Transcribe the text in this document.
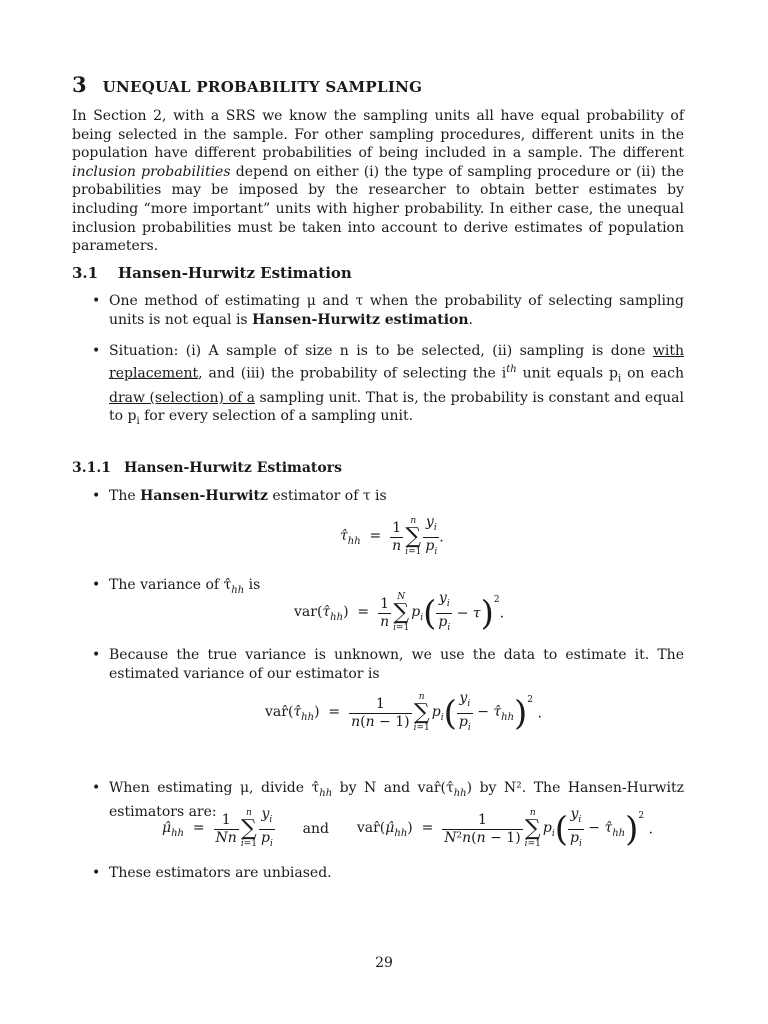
3 UNEQUAL PROBABILITY SAMPLING
In Section 2, with a SRS we know the sampling units all have equal probability of being selected in the sample. For other sampling procedures, different units in the population have different probabilities of being included in a sample. The different inclusion probabilities depend on either (i) the type of sampling procedure or (ii) the probabilities may be imposed by the researcher to obtain better estimates by including “more important” units with higher probability. In either case, the unequal inclusion probabilities must be taken into account to derive estimates of population parameters.
3.1 Hansen-Hurwitz Estimation
• One method of estimating μ and τ when the probability of selecting sampling units is not equal is Hansen-Hurwitz estimation.
• Situation: (i) A sample of size n is to be selected, (ii) sampling is done with replacement, and (iii) the probability of selecting the $i^{th}$ unit equals $p_i$ on each draw (selection) of a sampling unit. That is, the probability is constant and equal to $p_i$ for every selection of a sampling unit.
3.1.1 Hansen-Hurwitz Estimators
• The Hansen-Hurwitz estimator of τ is
$\taû_{hh} = \frac{1}{n}$ n
∑
$i=1 \frac{y_i}{p_i}$ .
• The variance of $\taû_{hh}$ is
$var(\taû_{hh}) = \frac{1}{n}$ N
∑
i=1
$p_i( \frac{y_i}{p_i} - \tau)^2$.
• Because the true variance is unknown, we use the data to estimate it. The estimated variance of our estimator is
$var̂(\taû_{hh}) = \frac{1}{n(n - 1)}$ n
∑
i=1
$p_i( \frac{y_i}{p_i}$ − $\taû_{hh})^2$ .
• When estimating μ, divide $\taû_{hh}$ by N and $var̂(\taû_{hh})$ by N². The Hansen-Hurwitz estimators are:
$\mû_{hh} = \frac{1}{Nn}$ n
∑
$i=1 \frac{y_i}{p_i}$ and $var̂(\mû_{hh}) = \frac{1}{\text{N²n(n − 1)}}$ n
∑
i=1
$p_i( \frac{y_i}{p_i}$ − $\taû_{hh})^2$ .
• These estimators are unbiased.
29
